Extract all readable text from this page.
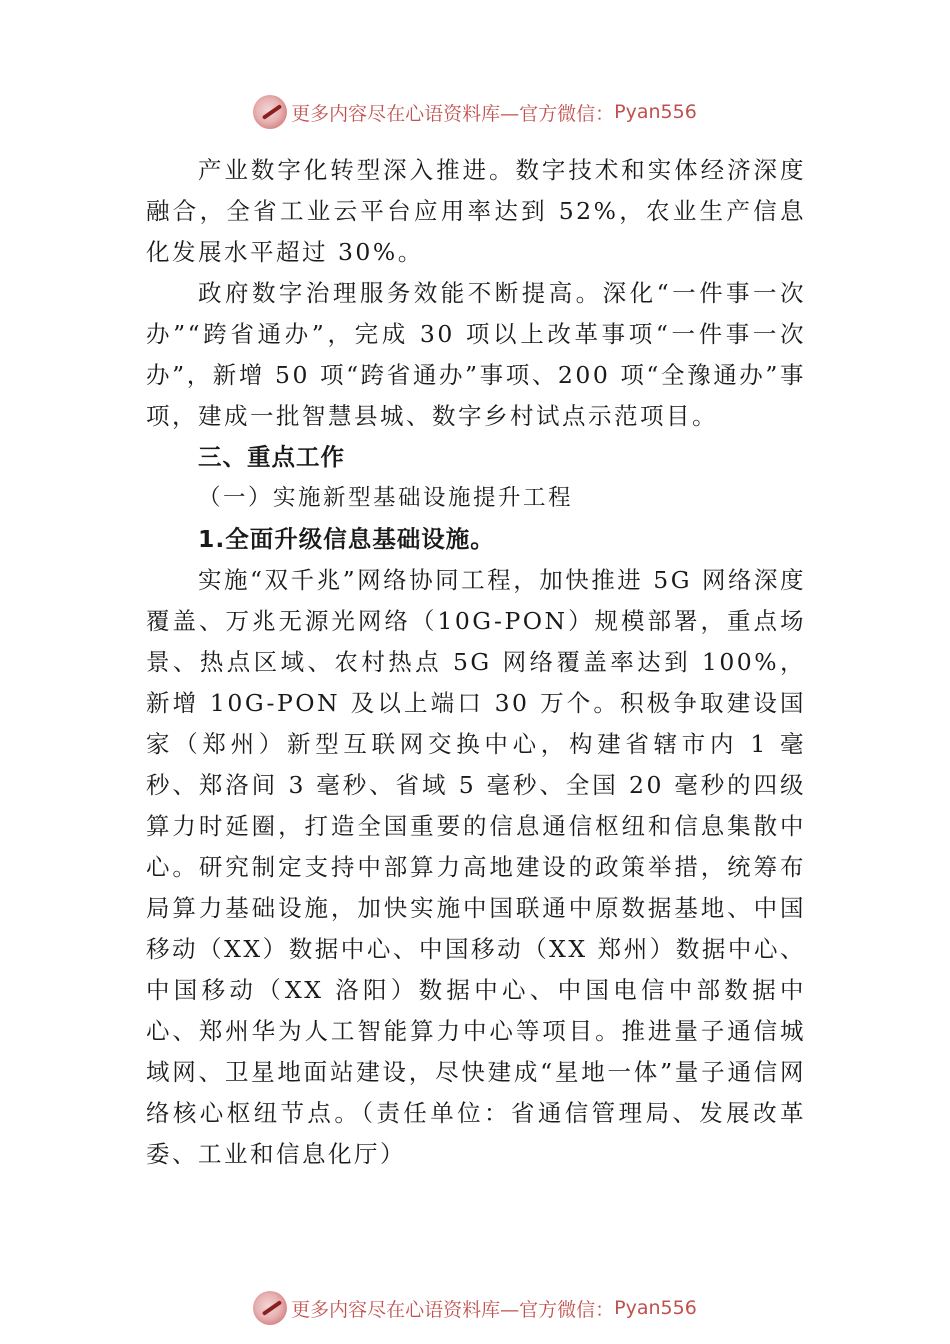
更多内容尽在心语资料库—官方微信： Pyan556

产业数字化转型深入推进。数字技术和实体经济深度融合，全省工业云平台应用率达到 52%，农业生产信息化发展水平超过 30%。

政府数字治理服务效能不断提高。深化“一件事一次办”“跨省通办”，完成 30 项以上改革事项“一件事一次办”，新增 50 项“跨省通办”事项、200 项“全豫通办”事项，建成一批智慧县城、数字乡村试点示范项目。

三、重点工作

（一）实施新型基础设施提升工程

1.全面升级信息基础设施。

实施“双千兆”网络协同工程，加快推进 5G 网络深度覆盖、万兆无源光网络（10G-PON）规模部署，重点场景、热点区域、农村热点 5G 网络覆盖率达到 100%，新增 10G-PON 及以上端口 30 万个。积极争取建设国家（郑州）新型互联网交换中心，构建省辖市内 1 毫秒、郑洛间 3 毫秒、省域 5 毫秒、全国 20 毫秒的四级算力时延圈，打造全国重要的信息通信枢纽和信息集散中心。研究制定支持中部算力高地建设的政策举措，统筹布局算力基础设施，加快实施中国联通中原数据基地、中国移动（XX）数据中心、中国移动（XX 郑州）数据中心、中国移动（XX 洛阳）数据中心、中国电信中部数据中心、郑州华为人工智能算力中心等项目。推进量子通信城域网、卫星地面站建设，尽快建成“星地一体”量子通信网络核心枢纽节点。（责任单位：省通信管理局、发展改革委、工业和信息化厅）

更多内容尽在心语资料库—官方微信： Pyan556
